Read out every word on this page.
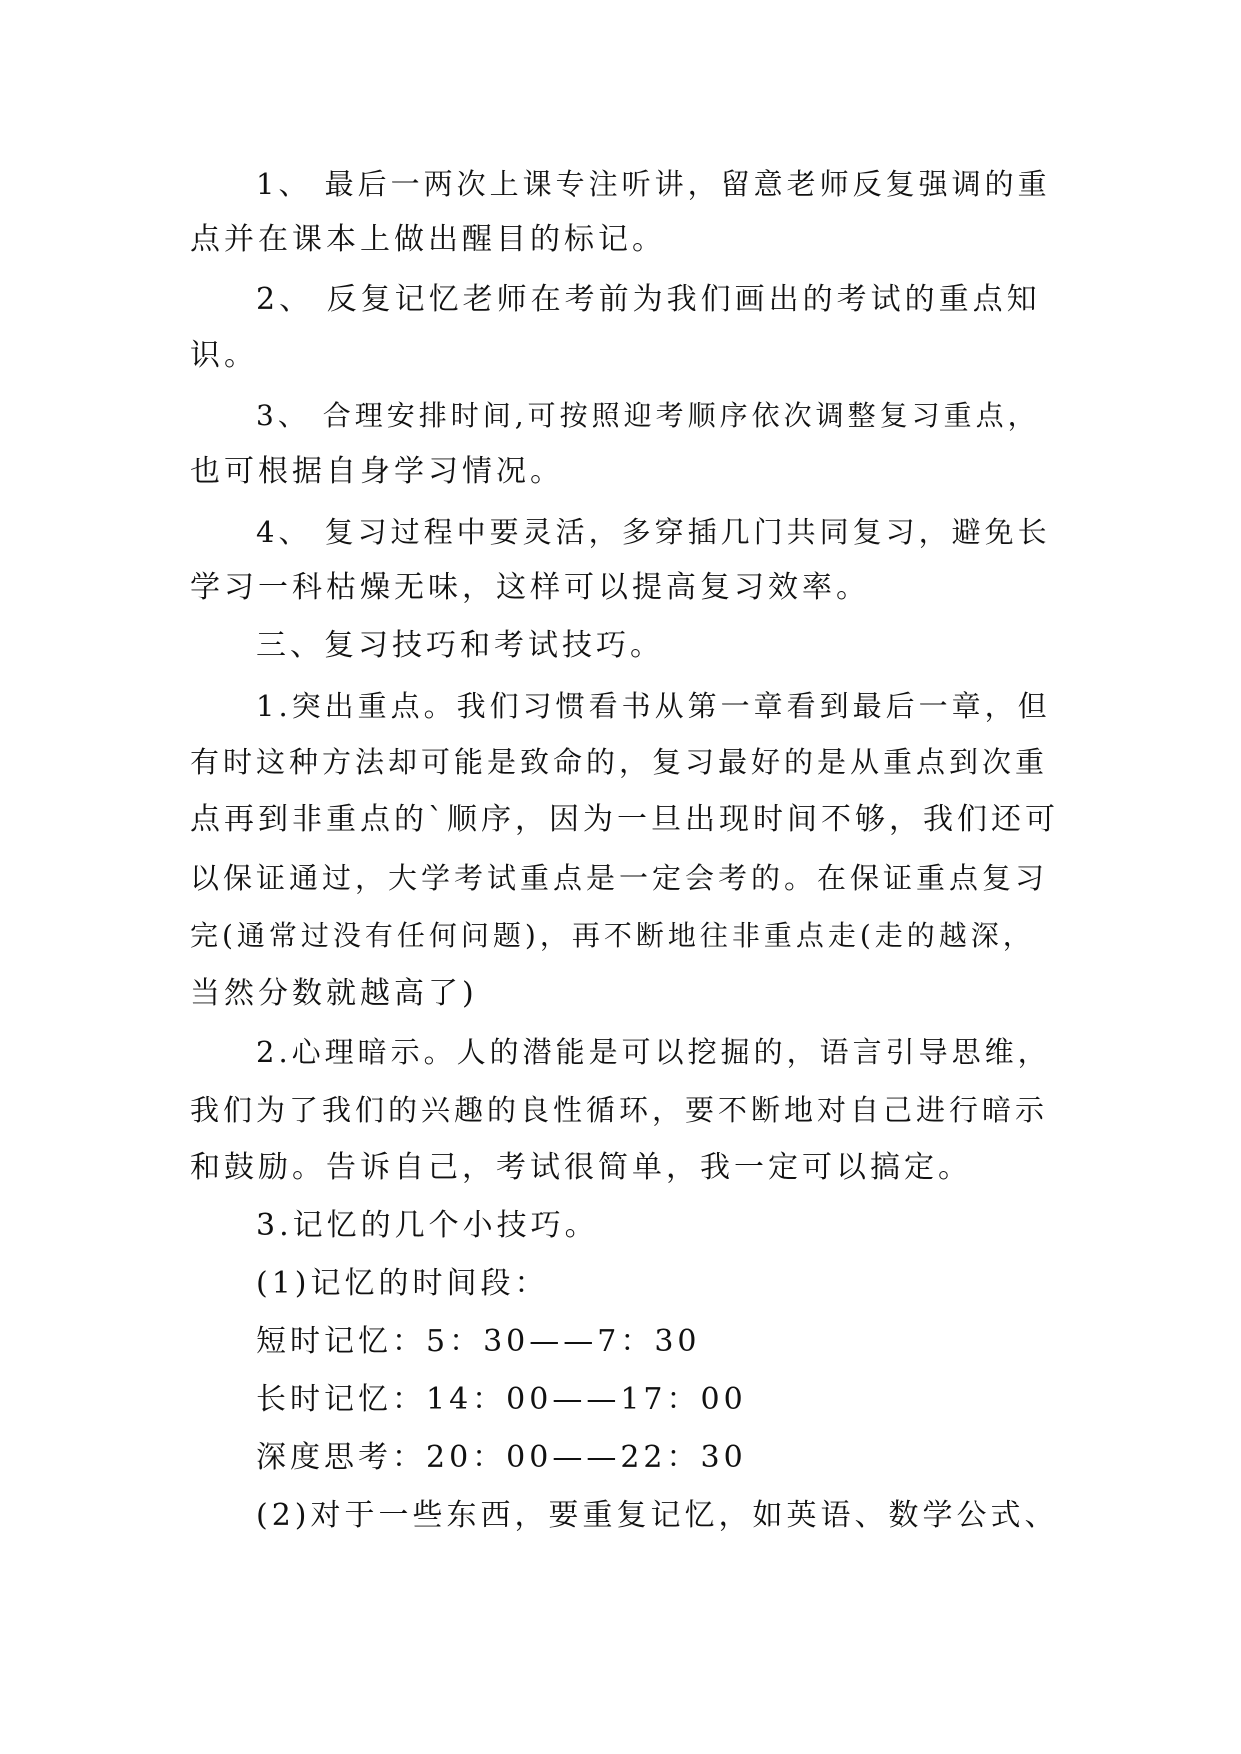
1、 最后一两次上课专注听讲，留意老师反复强调的重
点并在课本上做出醒目的标记。
2、 反复记忆老师在考前为我们画出的考试的重点知
识。
3、 合理安排时间,可按照迎考顺序依次调整复习重点，
也可根据自身学习情况。
4、 复习过程中要灵活，多穿插几门共同复习，避免长
学习一科枯燥无味，这样可以提高复习效率。
三、复习技巧和考试技巧。
1.突出重点。我们习惯看书从第一章看到最后一章，但
有时这种方法却可能是致命的，复习最好的是从重点到次重
点再到非重点的`顺序，因为一旦出现时间不够，我们还可
以保证通过，大学考试重点是一定会考的。在保证重点复习
完(通常过没有任何问题)，再不断地往非重点走(走的越深，
当然分数就越高了)
2.心理暗示。人的潜能是可以挖掘的，语言引导思维，
我们为了我们的兴趣的良性循环，要不断地对自己进行暗示
和鼓励。告诉自己，考试很简单，我一定可以搞定。
3.记忆的几个小技巧。
(1)记忆的时间段：
短时记忆：5：30——7：30
长时记忆：14：00——17：00
深度思考：20：00——22：30
(2)对于一些东西，要重复记忆，如英语、数学公式、
